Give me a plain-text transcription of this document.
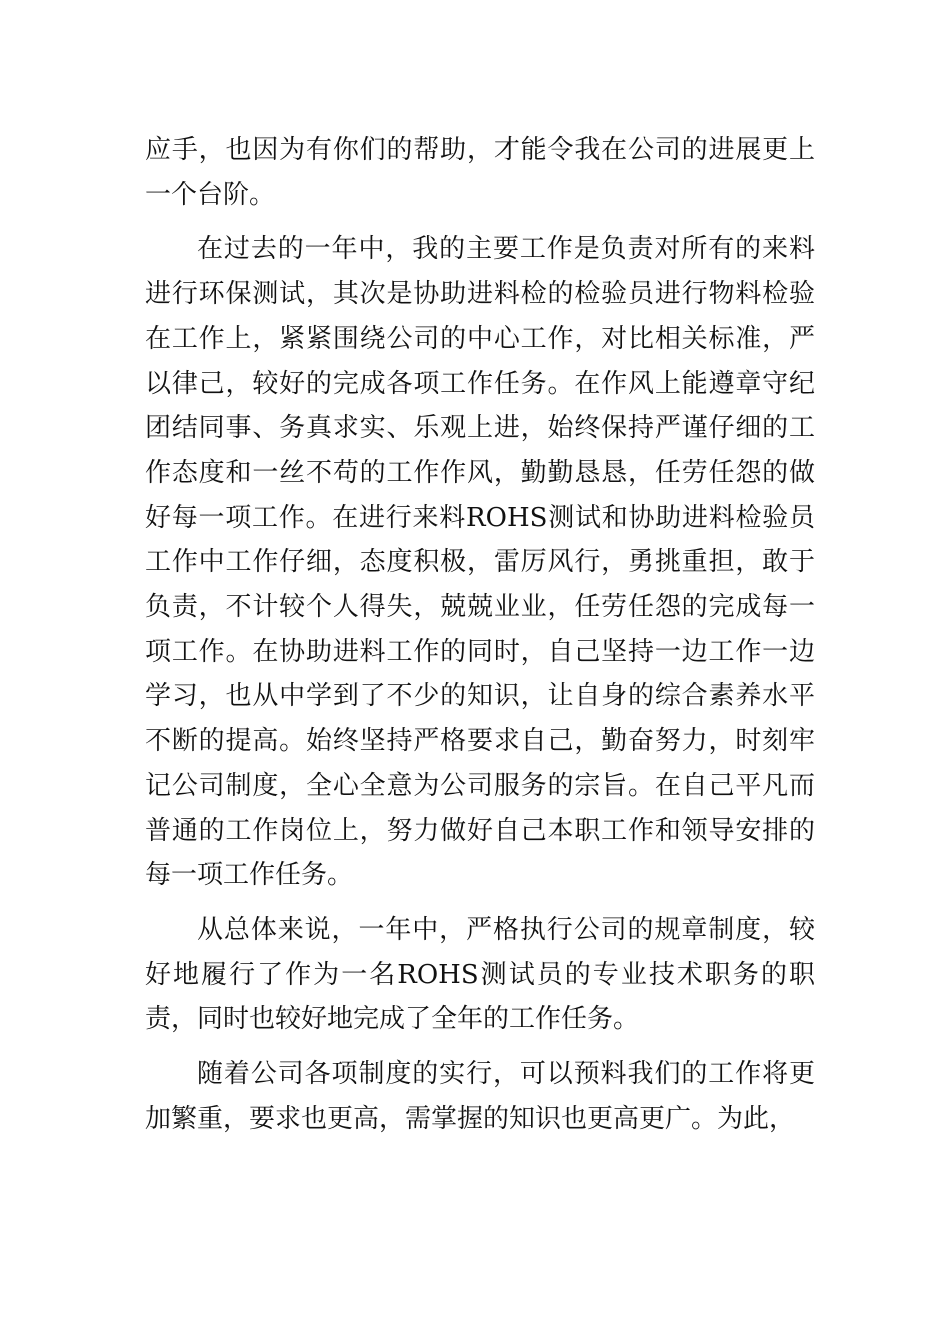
应手，也因为有你们的帮助，才能令我在公司的进展更上一个台阶。

在过去的一年中，我的主要工作是负责对所有的来料进行环保测试，其次是协助进料检的检验员进行物料检验在工作上，紧紧围绕公司的中心工作，对比相关标准，严以律己，较好的完成各项工作任务。在作风上能遵章守纪团结同事、务真求实、乐观上进，始终保持严谨仔细的工作态度和一丝不苟的工作作风，勤勤恳恳，任劳任怨的做好每一项工作。在进行来料ROHS测试和协助进料检验员工作中工作仔细，态度积极，雷厉风行，勇挑重担，敢于负责，不计较个人得失，兢兢业业，任劳任怨的完成每一项工作。在协助进料工作的同时，自己坚持一边工作一边学习，也从中学到了不少的知识，让自身的综合素养水平不断的提高。始终坚持严格要求自己，勤奋努力，时刻牢记公司制度，全心全意为公司服务的宗旨。在自己平凡而普通的工作岗位上，努力做好自己本职工作和领导安排的每一项工作任务。

从总体来说，一年中，严格执行公司的规章制度，较好地履行了作为一名ROHS测试员的专业技术职务的职责，同时也较好地完成了全年的工作任务。

随着公司各项制度的实行，可以预料我们的工作将更加繁重，要求也更高，需掌握的知识也更高更广。为此，
